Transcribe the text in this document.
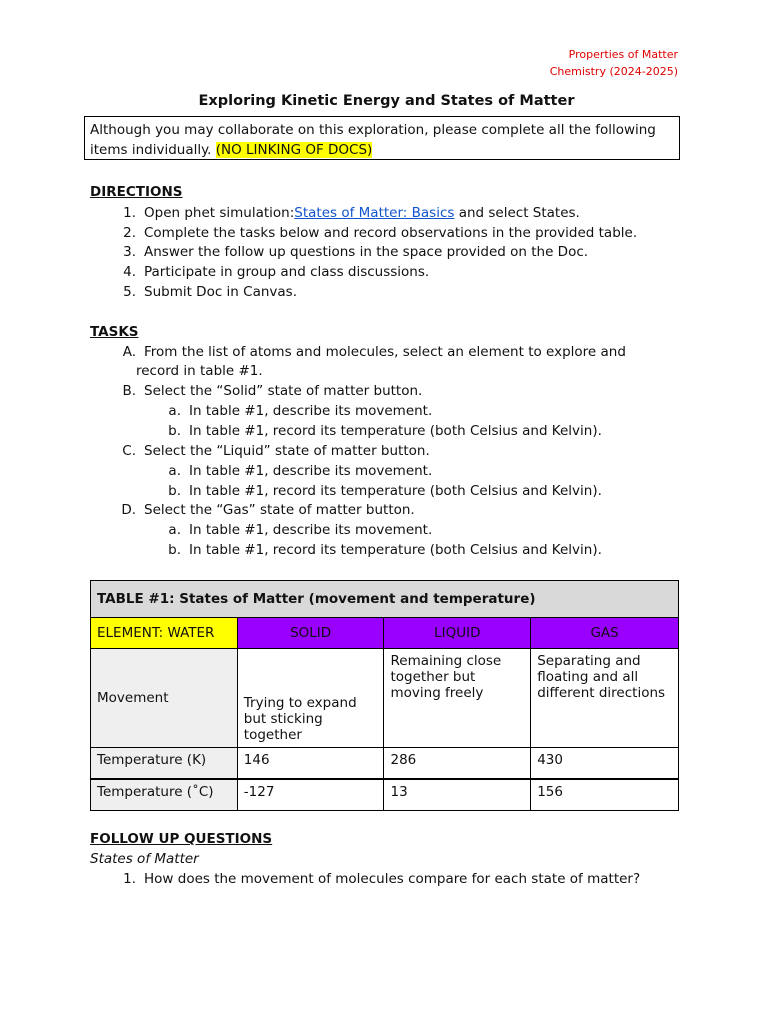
Properties of Matter
Chemistry (2024-2025)
Exploring Kinetic Energy and States of Matter
Although you may collaborate on this exploration, please complete all the following items individually. (NO LINKING OF DOCS)
DIRECTIONS
1. Open phet simulation:States of Matter: Basics and select States.
2. Complete the tasks below and record observations in the provided table.
3. Answer the follow up questions in the space provided on the Doc.
4. Participate in group and class discussions.
5. Submit Doc in Canvas.
TASKS
A. From the list of atoms and molecules, select an element to explore and
record in table #1.
B. Select the “Solid” state of matter button.
a. In table #1, describe its movement.
b. In table #1, record its temperature (both Celsius and Kelvin).
C. Select the “Liquid” state of matter button.
a. In table #1, describe its movement.
b. In table #1, record its temperature (both Celsius and Kelvin).
D. Select the “Gas” state of matter button.
a. In table #1, describe its movement.
b. In table #1, record its temperature (both Celsius and Kelvin).
TABLE #1: States of Matter (movement and temperature)			
ELEMENT: WATER	SOLID	LIQUID	GAS
Movement	Trying to expand but sticking together	Remaining close together but moving freely	Separating and floating and all different directions
Temperature (K)	146	286	430
Temperature (˚C)	-127	13	156
FOLLOW UP QUESTIONS
States of Matter
1. How does the movement of molecules compare for each state of matter?
